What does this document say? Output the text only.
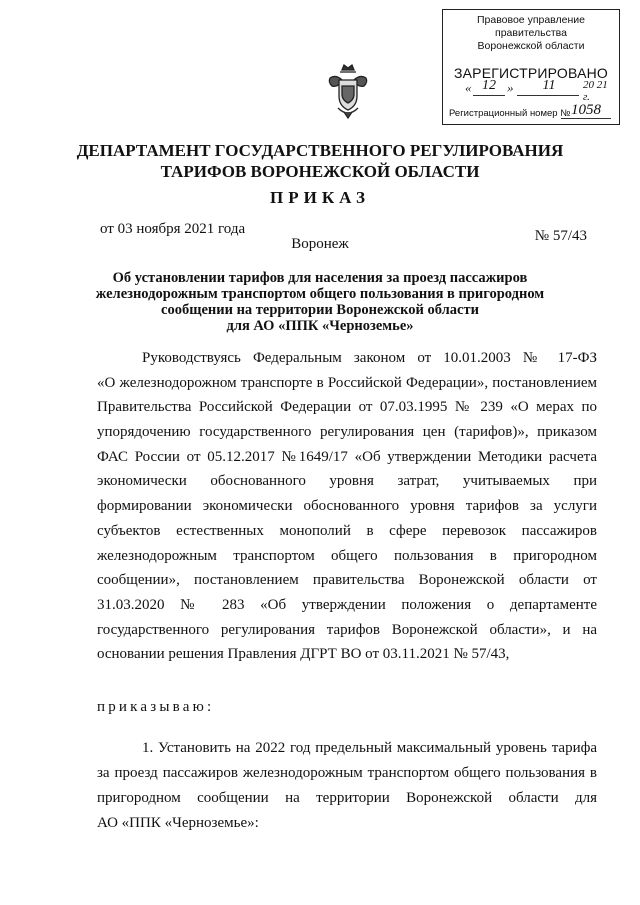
Правовое управление правительства
Воронежской области
ЗАРЕГИСТРИРОВАНО
« 12 »	11	20 21 г.
Регистрационный номер № 1058
ДЕПАРТАМЕНТ ГОСУДАРСТВЕННОГО РЕГУЛИРОВАНИЯ
ТАРИФОВ ВОРОНЕЖСКОЙ ОБЛАСТИ
ПРИКАЗ
от 03 ноября 2021 года	№ 57/43
Воронеж
Об установлении тарифов для населения за проезд пассажиров
железнодорожным транспортом общего пользования в пригородном
сообщении на территории Воронежской области
для АО «ППК «Черноземье»
Руководствуясь Федеральным законом от 10.01.2003 № 17-ФЗ
«О железнодорожном транспорте в Российской Федерации», постановлением
Правительства Российской Федерации от 07.03.1995 № 239 «О мерах по
упорядочению государственного регулирования цен (тарифов)», приказом
ФАС России от 05.12.2017 №1649/17 «Об утверждении Методики расчета
экономически обоснованного уровня затрат, учитываемых при
формировании экономически обоснованного уровня тарифов за услуги
субъектов естественных монополий в сфере перевозок пассажиров
железнодорожным транспортом общего пользования в пригородном
сообщении», постановлением правительства Воронежской области от
31.03.2020 № 283 «Об утверждении положения о департаменте
государственного регулирования тарифов Воронежской области», и на
основании решения Правления ДГРТ ВО от 03.11.2021 № 57/43,
приказываю:
1. Установить на 2022 год предельный максимальный уровень тарифа
за проезд пассажиров железнодорожным транспортом общего пользования в
пригородном сообщении на территории Воронежской области для
АО «ППК «Черноземье»:
